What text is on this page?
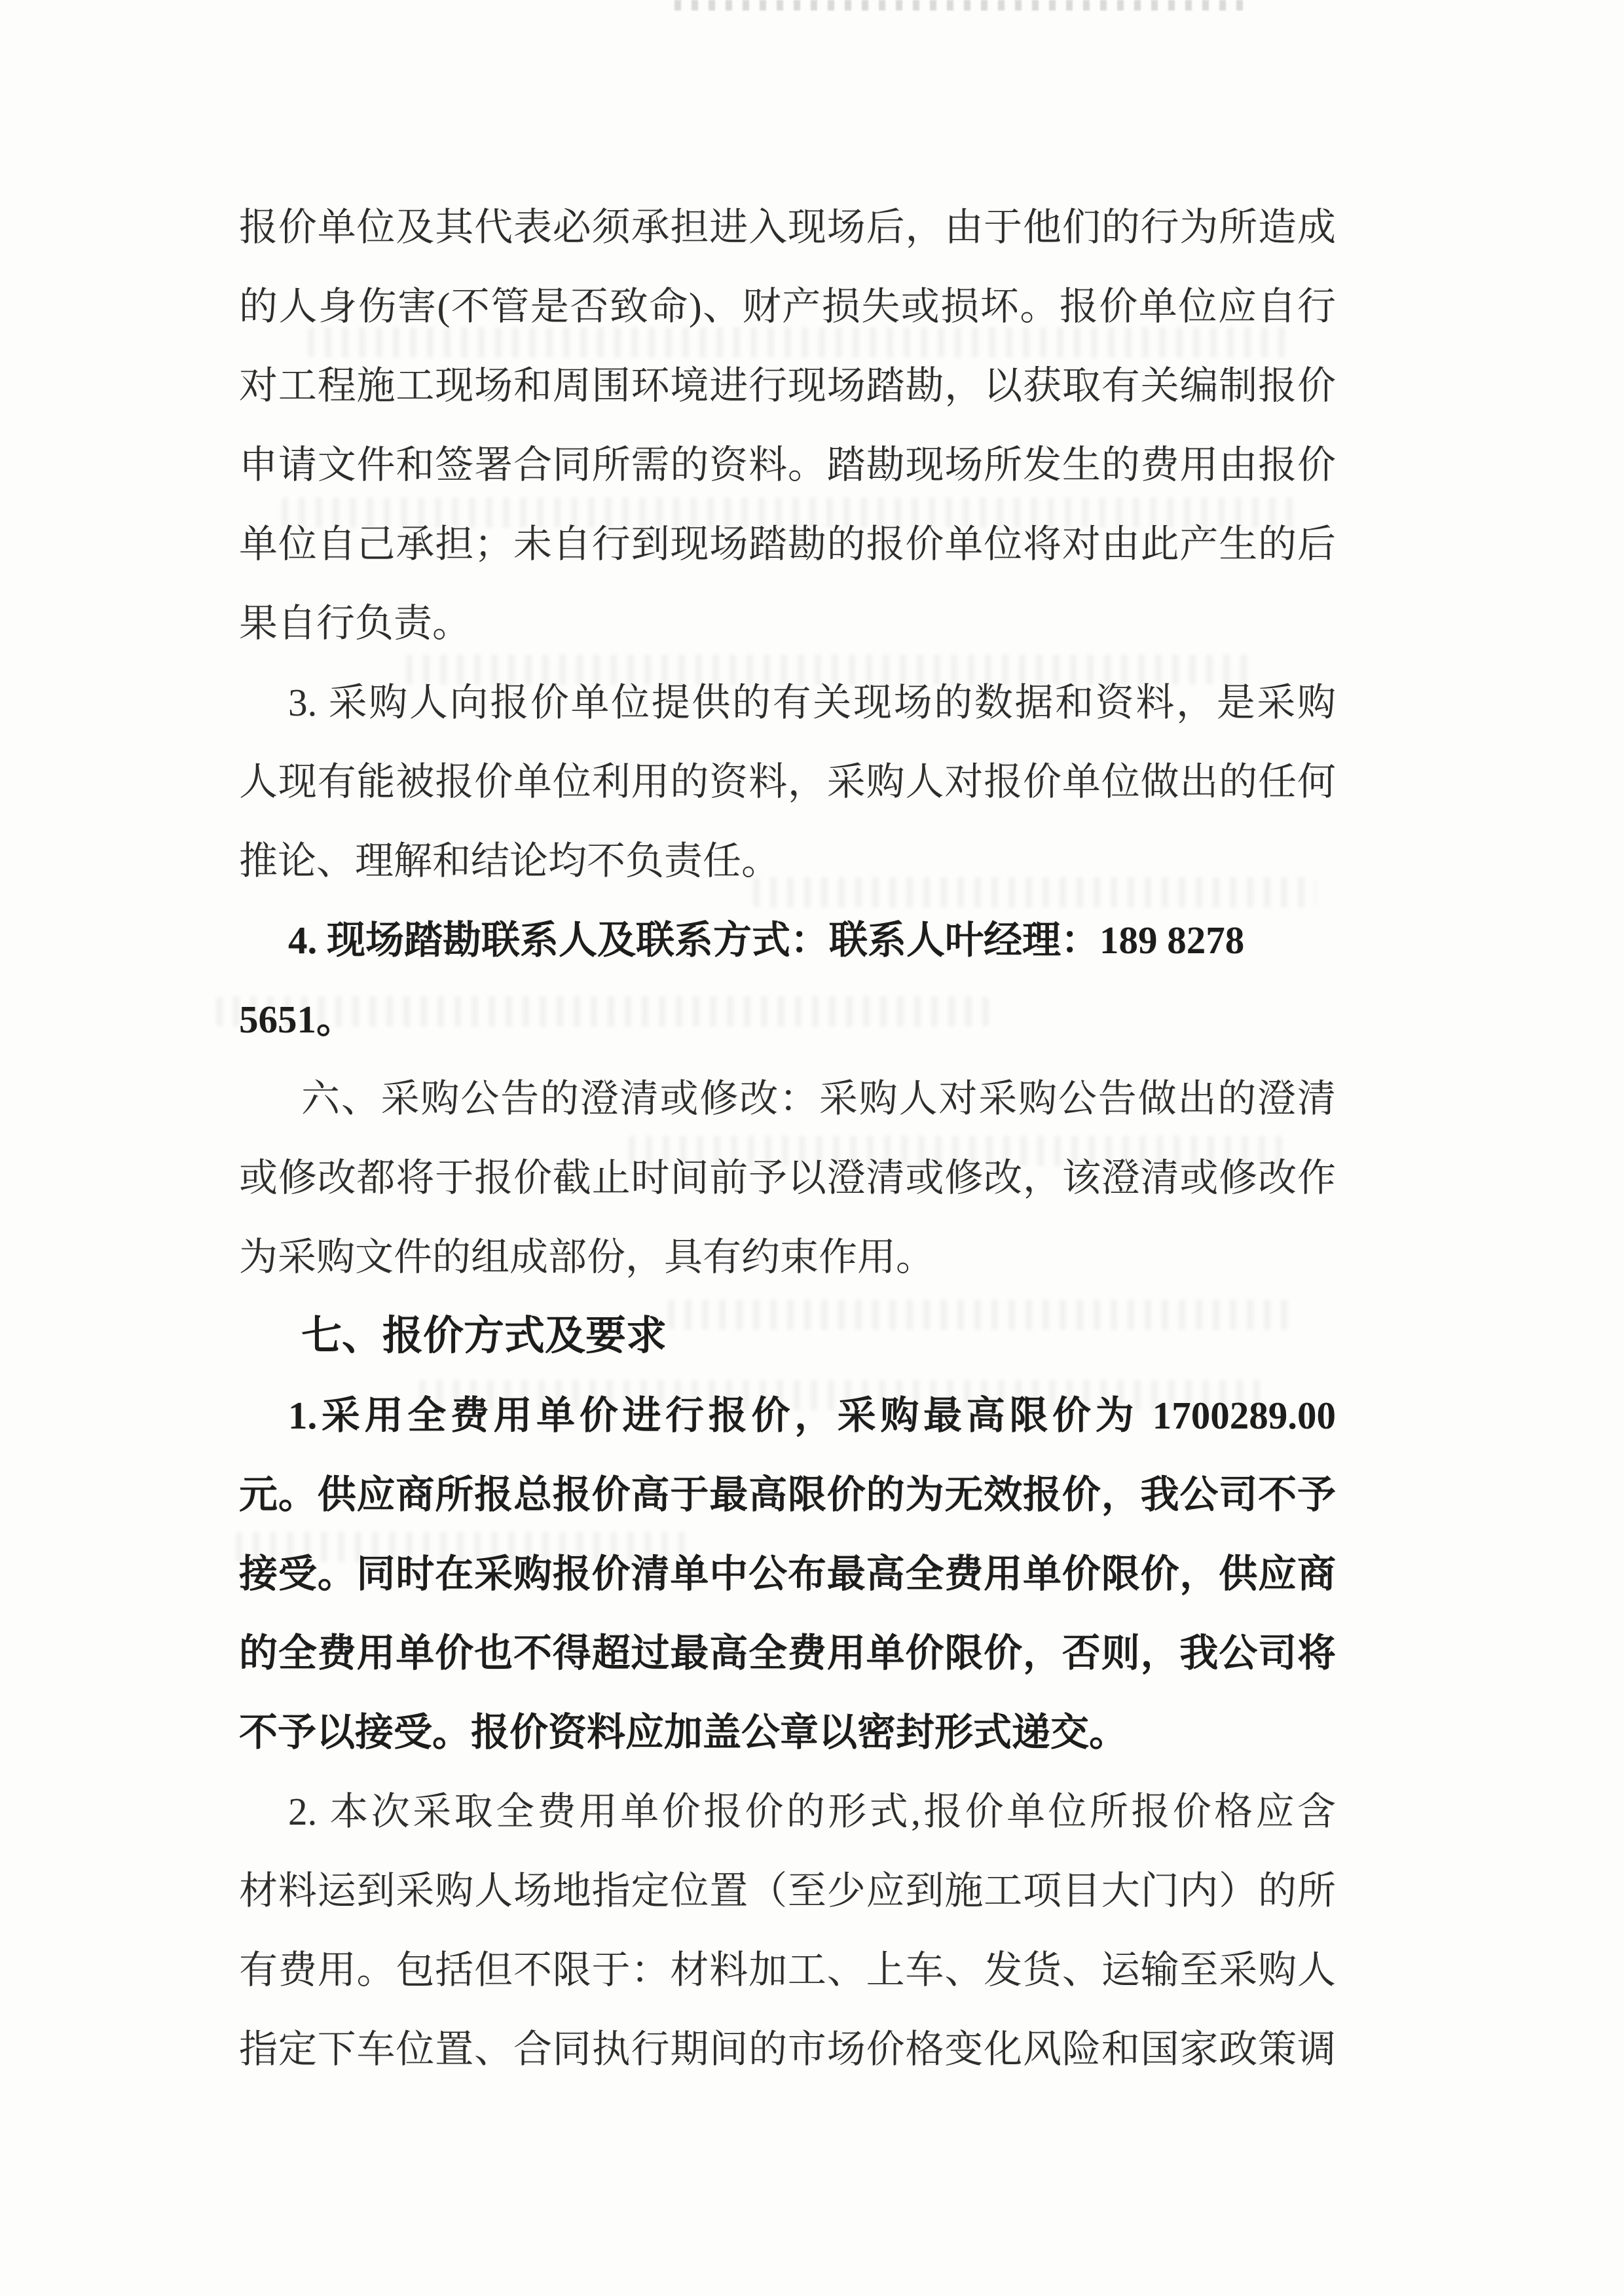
报价单位及其代表必须承担进入现场后，由于他们的行为所造成
的人身伤害(不管是否致命)、财产损失或损坏。报价单位应自行
对工程施工现场和周围环境进行现场踏勘，以获取有关编制报价
申请文件和签署合同所需的资料。踏勘现场所发生的费用由报价
单位自己承担；未自行到现场踏勘的报价单位将对由此产生的后
果自行负责。
3. 采购人向报价单位提供的有关现场的数据和资料，是采购
人现有能被报价单位利用的资料，采购人对报价单位做出的任何
推论、理解和结论均不负责任。
4. 现场踏勘联系人及联系方式：联系人叶经理：189 8278
5651。
六、采购公告的澄清或修改：采购人对采购公告做出的澄清
或修改都将于报价截止时间前予以澄清或修改，该澄清或修改作
为采购文件的组成部份，具有约束作用。
七、报价方式及要求
1.采用全费用单价进行报价，采购最高限价为 1700289.00
元。供应商所报总报价高于最高限价的为无效报价，我公司不予
接受。同时在采购报价清单中公布最高全费用单价限价，供应商
的全费用单价也不得超过最高全费用单价限价，否则，我公司将
不予以接受。报价资料应加盖公章以密封形式递交。
2. 本次采取全费用单价报价的形式,报价单位所报价格应含
材料运到采购人场地指定位置（至少应到施工项目大门内）的所
有费用。包括但不限于：材料加工、上车、发货、运输至采购人
指定下车位置、合同执行期间的市场价格变化风险和国家政策调
